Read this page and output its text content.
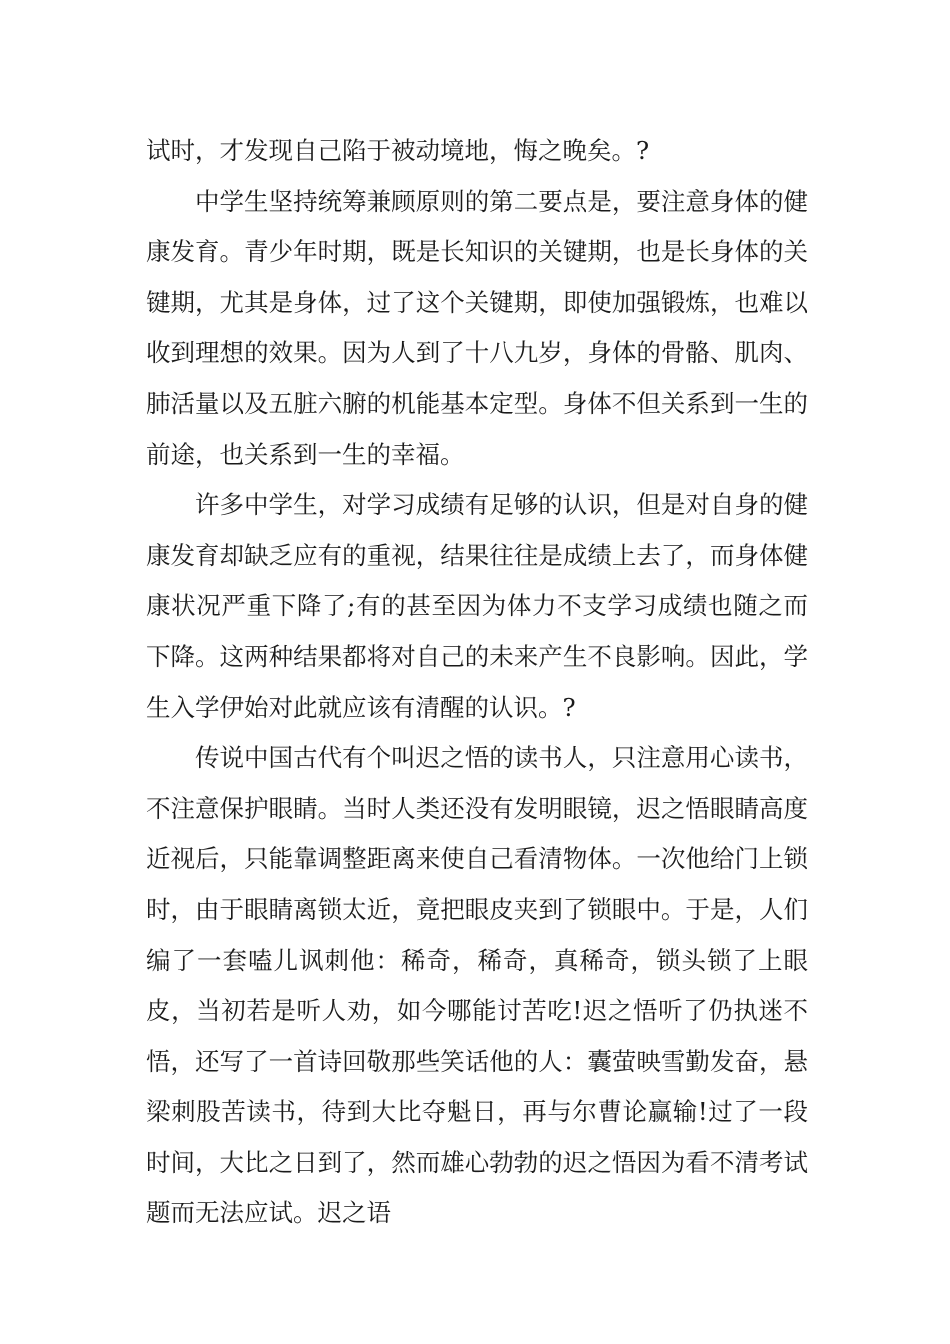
试时，才发现自己陷于被动境地，悔之晚矣。?

中学生坚持统筹兼顾原则的第二要点是，要注意身体的健康发育。青少年时期，既是长知识的关键期，也是长身体的关键期，尤其是身体，过了这个关键期，即使加强锻炼，也难以收到理想的效果。因为人到了十八九岁，身体的骨骼、肌肉、肺活量以及五脏六腑的机能基本定型。身体不但关系到一生的前途，也关系到一生的幸福。

许多中学生，对学习成绩有足够的认识，但是对自身的健康发育却缺乏应有的重视，结果往往是成绩上去了，而身体健康状况严重下降了;有的甚至因为体力不支学习成绩也随之而下降。这两种结果都将对自己的未来产生不良影响。因此，学生入学伊始对此就应该有清醒的认识。?

传说中国古代有个叫迟之悟的读书人，只注意用心读书，不注意保护眼睛。当时人类还没有发明眼镜，迟之悟眼睛高度近视后，只能靠调整距离来使自己看清物体。一次他给门上锁时，由于眼睛离锁太近，竟把眼皮夹到了锁眼中。于是，人们编了一套嗑儿讽刺他：稀奇，稀奇，真稀奇，锁头锁了上眼皮，当初若是听人劝，如今哪能讨苦吃!迟之悟听了仍执迷不悟，还写了一首诗回敬那些笑话他的人：囊萤映雪勤发奋，悬梁刺股苦读书，待到大比夺魁日，再与尔曹论赢输!过了一段时间，大比之日到了，然而雄心勃勃的迟之悟因为看不清考试题而无法应试。迟之语
